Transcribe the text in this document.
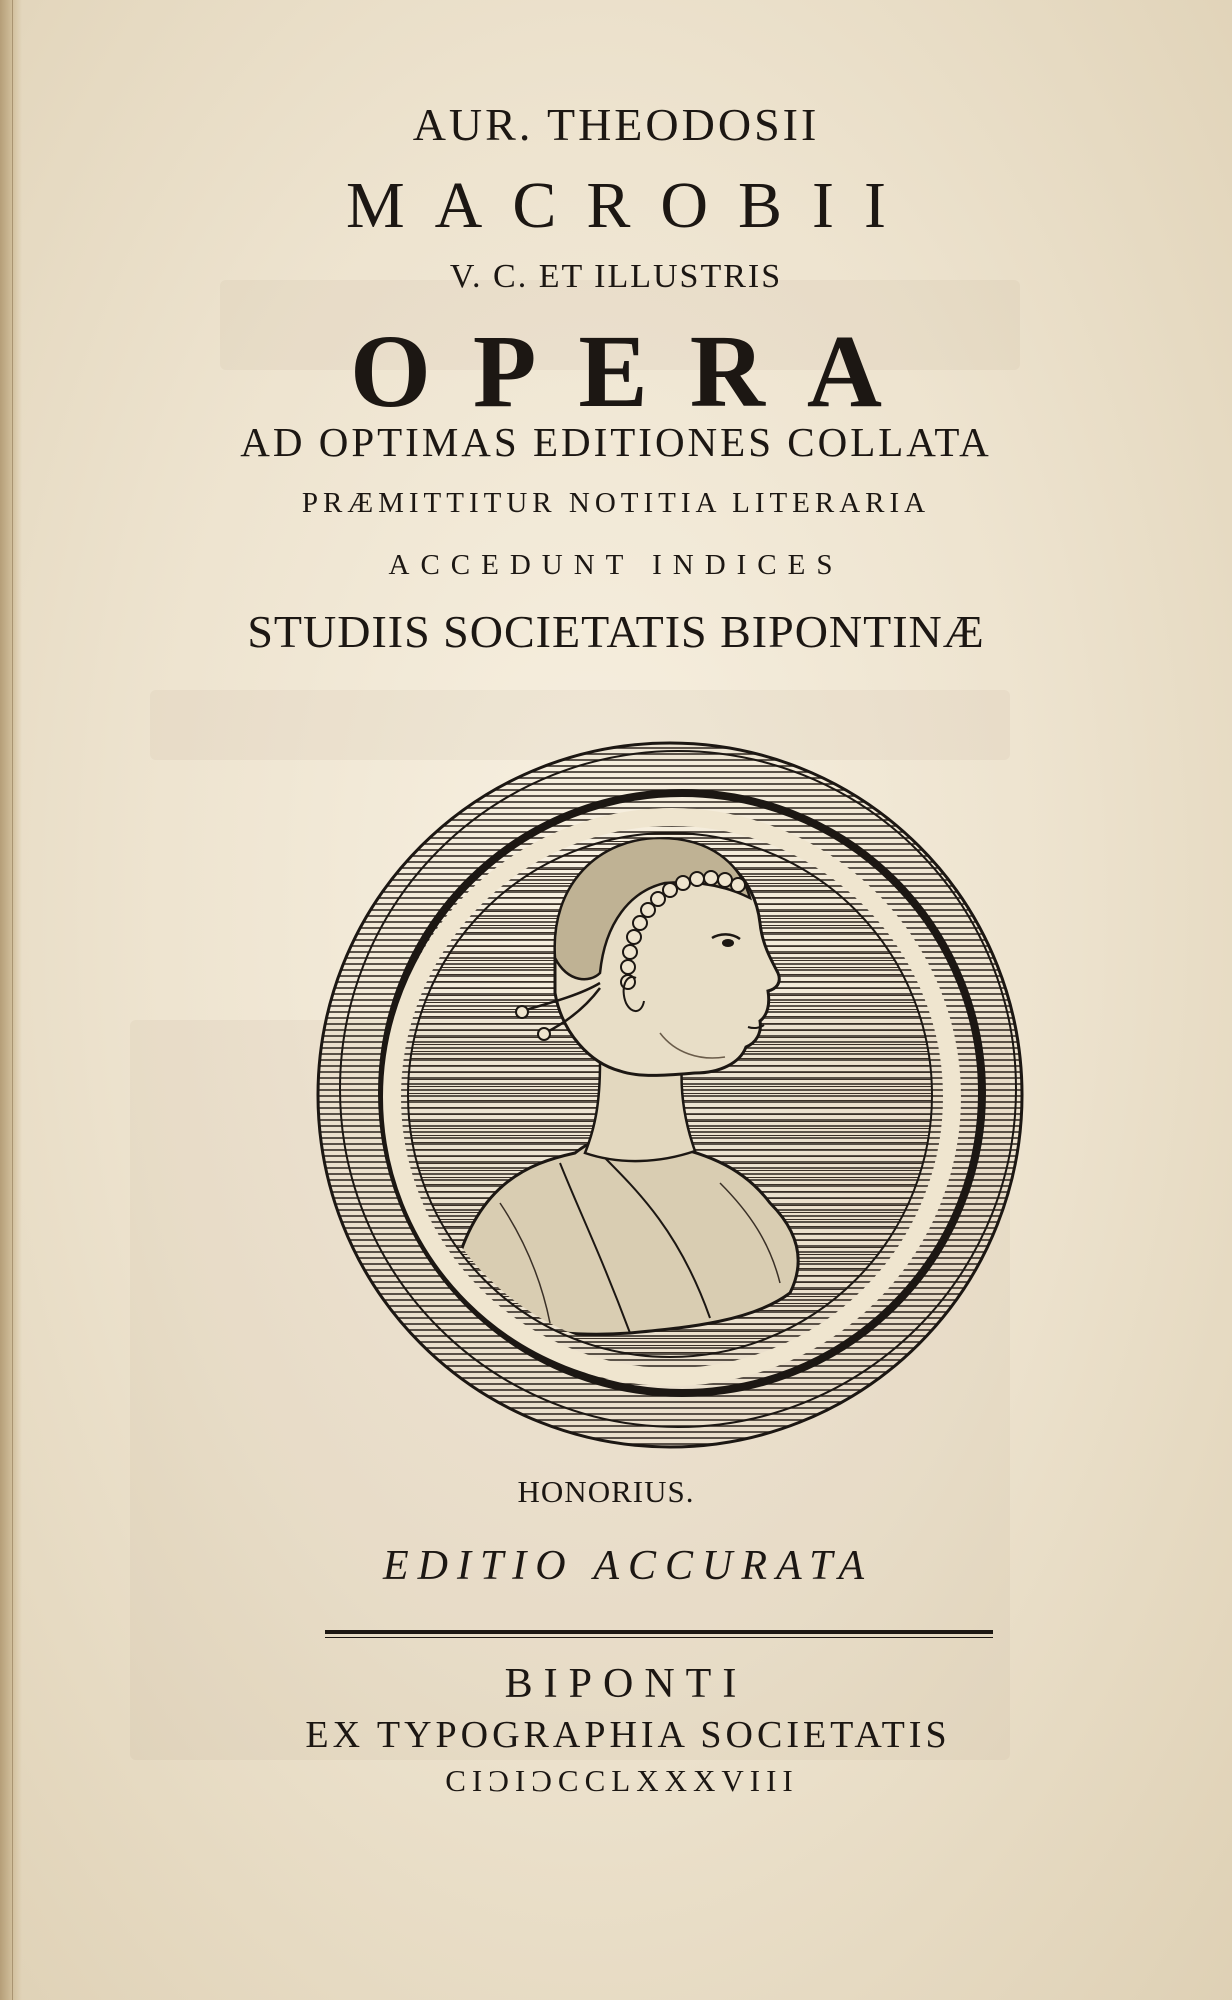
AUR. THEODOSII
MACROBII
V. C. ET ILLUSTRIS
OPERA
AD OPTIMAS EDITIONES COLLATA
PRÆMITTITUR NOTITIA LITERARIA
ACCEDUNT INDICES
STUDIIS SOCIETATIS BIPONTINÆ
HONORIUS.
EDITIO ACCURATA
BIPONTI
EX TYPOGRAPHIA SOCIETATIS
CIϽIϽCCLXXXVIII
